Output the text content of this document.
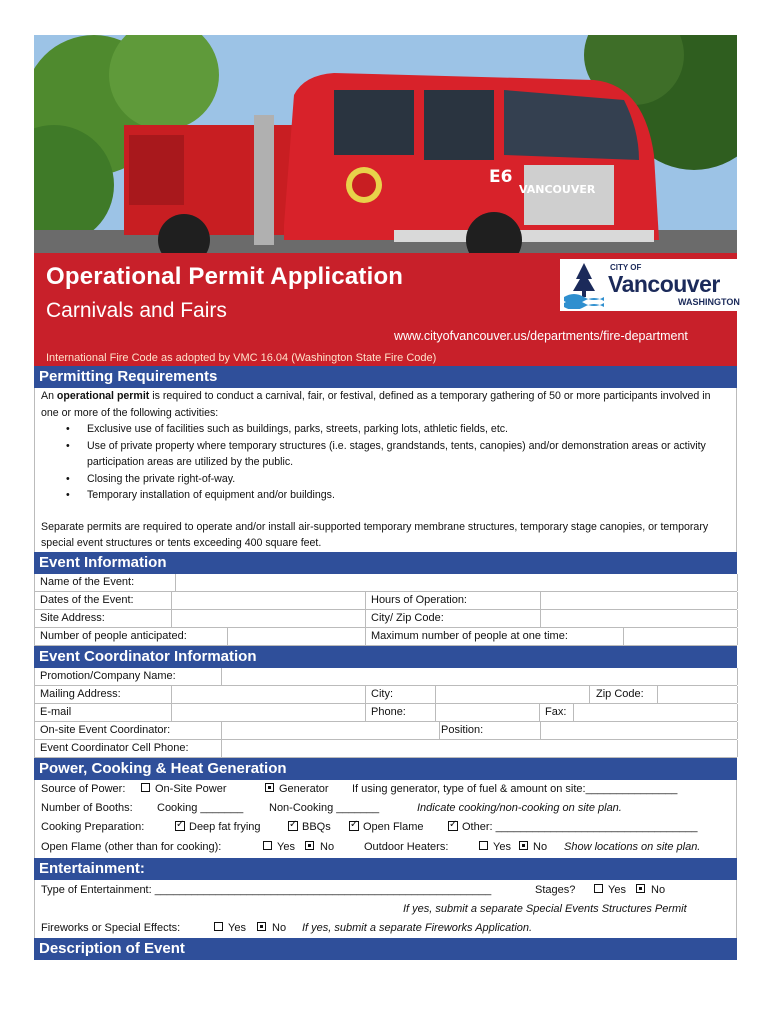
E6
VANCOUVER
Operational Permit Application
Carnivals and Fairs
www.cityofvancouver.us/departments/fire-department
International Fire Code as adopted by VMC 16.04 (Washington State Fire Code)
CITY OF
Vancouver
WASHINGTON
Permitting Requirements
An operational permit is required to conduct a carnival, fair, or festival, defined as a temporary gathering of 50 or more participants involved in one or more of the following activities:
• Exclusive use of facilities such as buildings, parks, streets, parking lots, athletic fields, etc.
• Use of private property where temporary structures (i.e. stages, grandstands, tents, canopies) and/or demonstration areas or activity participation areas are utilized by the public.
• Closing the private right-of-way.
• Temporary installation of equipment and/or buildings.
Separate permits are required to operate and/or install air-supported temporary membrane structures, temporary stage canopies, or temporary special event structures or tents exceeding 400 square feet.
Event Information
Name of the Event:
Dates of the Event:	Hours of Operation:
Site Address:	City/ Zip Code:
Number of people anticipated:	Maximum number of people at one time:
Event Coordinator Information
Promotion/Company Name:
Mailing Address:	City:	Zip Code:
E-mail	Phone:	Fax:
On-site Event Coordinator:	Position:
Event Coordinator Cell Phone:
Power, Cooking & Heat Generation
Source of Power:	On-Site Power	Generator If using generator, type of fuel & amount on site:_______________
Number of Booths: Cooking _______ Non-Cooking _______	Indicate cooking/non-cooking on site plan.
Cooking Preparation: ✓	Deep fat frying ✓	BBQs ✓	Open Flame ✓	Other: _________________________________
Open Flame (other than for cooking):	Yes No	Outdoor Heaters:	Yes No Show locations on site plan.
Entertainment:
Type of Entertainment: _______________________________________________________	Stages?	Yes No
If yes, submit a separate Special Events Structures Permit
Fireworks or Special Effects:	Yes No If yes, submit a separate Fireworks Application.
Description of Event
